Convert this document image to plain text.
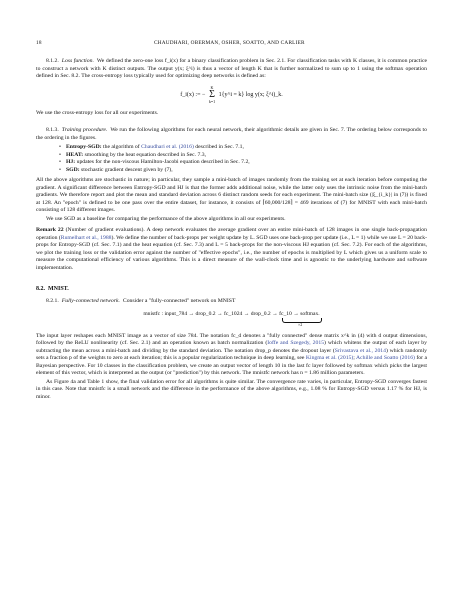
18	CHAUDHARI, OBERMAN, OSHER, SOATTO, AND CARLIER

8.1.2. Loss function. We defined the zero-one loss f_i(x) for a binary classification problem in Sec. 2.1. For classification tasks with K classes, it is common practice to construct a network with K distinct outputs. The output y(x; ξ^i) is thus a vector of length K that is further normalized to sum up to 1 using the softmax operation defined in Sec. 8.2. The cross-entropy loss typically used for optimizing deep networks is defined as:

f_i(x) := − K
Σ
k=1 1{y^i = k} log y(x; ξ^i)_k.

We use the cross-entropy loss for all our experiments.

8.1.3. Training procedure. We run the following algorithms for each neural network, their algorithmic details are given in Sec. 7. The ordering below corresponds to the ordering in the figures.

• Entropy-SGD: the algorithm of Chaudhari et al. (2016) described in Sec. 7.1,
• HEAT: smoothing by the heat equation described in Sec. 7.3,
• HJ: updates for the non-viscous Hamilton-Jacobi equation described in Sec. 7.2,
• SGD: stochastic gradient descent given by (7),

All the above algorithms are stochastic in nature; in particular, they sample a mini-batch of images randomly from the training set at each iteration before computing the gradient. A significant difference between Entropy-SGD and HJ is that the former adds additional noise, while the latter only uses the intrinsic noise from the mini-batch gradients. We therefore report and plot the mean and standard deviation across 6 distinct random seeds for each experiment. The mini-batch size (|ξ_{i_k}| in (7)) is fixed at 128. An "epoch" is defined to be one pass over the entire dataset, for instance, it consists of ⌈60,000/128⌉ = 469 iterations of (7) for MNIST with each mini-batch consisting of 128 different images.

We use SGD as a baseline for comparing the performance of the above algorithms in all our experiments.

Remark 22 (Number of gradient evaluations). A deep network evaluates the average gradient over an entire mini-batch of 128 images in one single back-propagation operation (Rumelhart et al., 1988). We define the number of back-props per weight update by L. SGD uses one back-prop per update (i.e., L = 1) while we use L = 20 back-props for Entropy-SGD (cf. Sec. 7.1) and the heat equation (cf. Sec. 7.3) and L = 5 back-props for the non-viscous HJ equation (cf. Sec. 7.2). For each of the algorithms, we plot the training loss or the validation error against the number of "effective epochs", i.e., the number of epochs is multiplied by L which gives us a uniform scale to measure the computational efficiency of various algorithms. This is a direct measure of the wall-clock time and is agnostic to the underlying hardware and software implementation.

8.2. MNIST.

8.2.1. Fully-connected network. Consider a "fully-connected" network on MNIST

mnistfc : input_784 → drop_0.2 → fc_1024 → drop_0.2 → fc_10 → softmax.
×2

The input layer reshapes each MNIST image as a vector of size 784. The notation fc_d denotes a "fully connected" dense matrix x^k in (4) with d output dimensions, followed by the ReLU nonlinearity (cf. Sec. 2.1) and an operation known as batch normalization (Ioffe and Szegedy, 2015) which whitens the output of each layer by subtracting the mean across a mini-batch and dividing by the standard deviation. The notation drop_p denotes the dropout layer (Srivastava et al., 2014) which randomly sets a fraction p of the weights to zero at each iteration; this is a popular regularization technique in deep learning, see Kingma et al. (2015); Achille and Soatto (2016) for a Bayesian perspective. For 10 classes in the classification problem, we create an output vector of length 10 in the last fc layer followed by softmax which picks the largest element of this vector, which is interpreted as the output (or "prediction") by this network. The mnistfc network has n = 1.86 million parameters.

As Figure 4a and Table 1 show, the final validation error for all algorithms is quite similar. The convergence rate varies, in particular, Entropy-SGD converges fastest in this case. Note that mnistfc is a small network and the difference in the performance of the above algorithms, e.g., 1.08 % for Entropy-SGD versus 1.17 % for HJ, is minor.
